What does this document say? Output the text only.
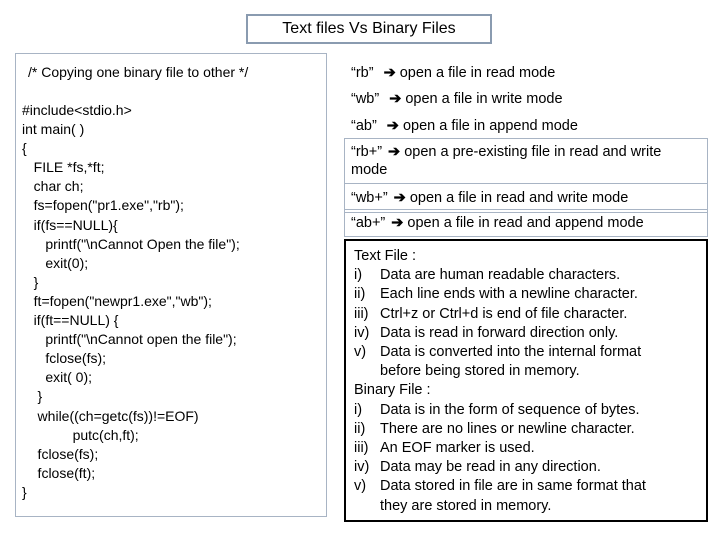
Text files Vs Binary Files
/* Copying one binary file to other */
#include<stdio.h>
int main( )
{
FILE *fs,*ft;
char ch;
fs=fopen("pr1.exe","rb");
if(fs==NULL){
printf("\nCannot Open the file");
exit(0);
}
ft=fopen("newpr1.exe","wb");
if(ft==NULL) {
printf("\nCannot open the file");
fclose(fs);
exit( 0);
}
while((ch=getc(fs))!=EOF)
putc(ch,ft);
fclose(fs);
fclose(ft);
}
“rb” ➔ open a file in read mode
“wb” ➔ open a file in write mode
“ab” ➔ open a file in append mode
“rb+” ➔ open a pre-existing file in read and write mode
“wb+” ➔ open a file in read and write mode
“ab+” ➔ open a file in read and append mode
Text File :
i)	Data are human readable characters.
ii)	Each line ends with a newline character.
iii) Ctrl+z or Ctrl+d is end of file character.
iv) Data is read in forward direction only.
v) Data is converted into the internal format
before being stored in memory.
Binary File :
i)	Data is in the form of sequence of bytes.
ii)	There are no lines or newline character.
iii) An EOF marker is used.
iv) Data may be read in any direction.
v) Data stored in file are in same format that
they are stored in memory.
